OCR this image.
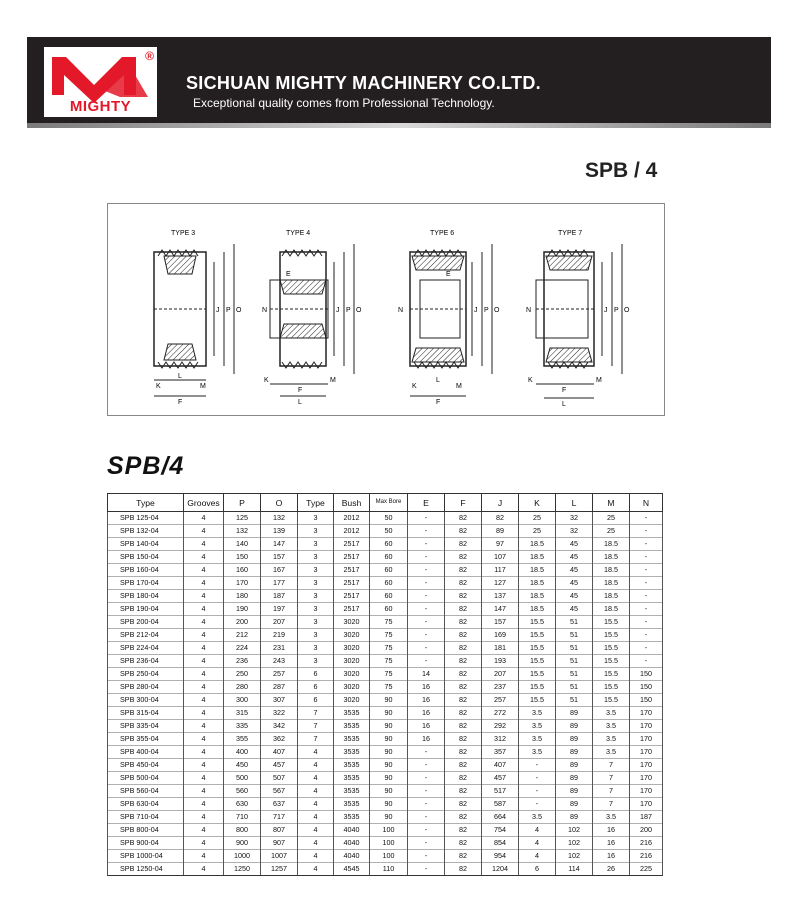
®
MIGHTY
SICHUAN MIGHTY MACHINERY CO.LTD.
Exceptional quality comes from Professional Technology.
SPB / 4
TYPE 3
J P O
K
L
M
F
TYPE 4
N	J P O
E
K	M
F
L
TYPE 6
N	J P O
E
K
L
M
F
TYPE 7
N	J P O
K	M
F
L
SPB/4
Type	Grooves	P	O	Type	Bush	Max Bore	E	F	J	K	L	M	N
SPB 125-04	4	125	132	3	2012	50	-	82	82	25	32	25	-
SPB 132-04	4	132	139	3	2012	50	-	82	89	25	32	25	-
SPB 140-04	4	140	147	3	2517	60	-	82	97	18.5	45	18.5	-
SPB 150-04	4	150	157	3	2517	60	-	82	107	18.5	45	18.5	-
SPB 160-04	4	160	167	3	2517	60	-	82	117	18.5	45	18.5	-
SPB 170-04	4	170	177	3	2517	60	-	82	127	18.5	45	18.5	-
SPB 180-04	4	180	187	3	2517	60	-	82	137	18.5	45	18.5	-
SPB 190-04	4	190	197	3	2517	60	-	82	147	18.5	45	18.5	-
SPB 200-04	4	200	207	3	3020	75	-	82	157	15.5	51	15.5	-
SPB 212-04	4	212	219	3	3020	75	-	82	169	15.5	51	15.5	-
SPB 224-04	4	224	231	3	3020	75	-	82	181	15.5	51	15.5	-
SPB 236-04	4	236	243	3	3020	75	-	82	193	15.5	51	15.5	-
SPB 250-04	4	250	257	6	3020	75	14	82	207	15.5	51	15.5	150
SPB 280-04	4	280	287	6	3020	75	16	82	237	15.5	51	15.5	150
SPB 300-04	4	300	307	6	3020	90	16	82	257	15.5	51	15.5	150
SPB 315-04	4	315	322	7	3535	90	16	82	272	3.5	89	3.5	170
SPB 335-04	4	335	342	7	3535	90	16	82	292	3.5	89	3.5	170
SPB 355-04	4	355	362	7	3535	90	16	82	312	3.5	89	3.5	170
SPB 400-04	4	400	407	4	3535	90	-	82	357	3.5	89	3.5	170
SPB 450-04	4	450	457	4	3535	90	-	82	407	-	89	7	170
SPB 500-04	4	500	507	4	3535	90	-	82	457	-	89	7	170
SPB 560-04	4	560	567	4	3535	90	-	82	517	-	89	7	170
SPB 630-04	4	630	637	4	3535	90	-	82	587	-	89	7	170
SPB 710-04	4	710	717	4	3535	90	-	82	664	3.5	89	3.5	187
SPB 800-04	4	800	807	4	4040	100	-	82	754	4	102	16	200
SPB 900-04	4	900	907	4	4040	100	-	82	854	4	102	16	216
SPB 1000-04	4	1000	1007	4	4040	100	-	82	954	4	102	16	216
SPB 1250-04	4	1250	1257	4	4545	110	-	82	1204	6	114	26	225
